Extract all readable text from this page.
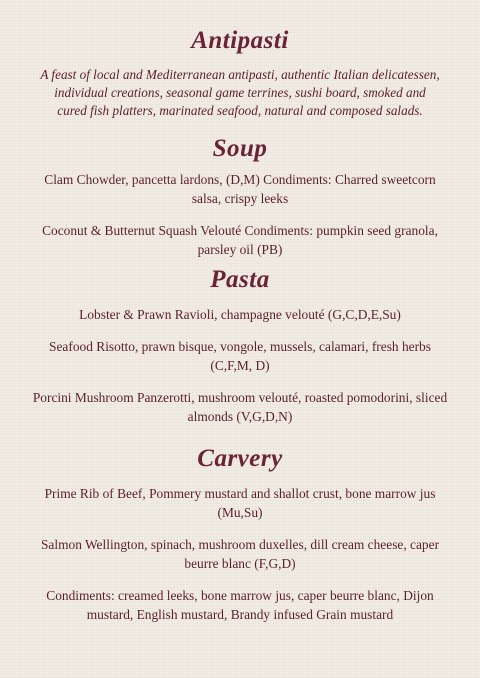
Antipasti

A feast of local and Mediterranean antipasti, authentic Italian delicatessen, individual creations, seasonal game terrines, sushi board, smoked and cured fish platters, marinated seafood, natural and composed salads.

Soup

Clam Chowder, pancetta lardons, (D,M) Condiments: Charred sweetcorn salsa, crispy leeks

Coconut & Butternut Squash Velouté Condiments: pumpkin seed granola, parsley oil (PB)

Pasta

Lobster & Prawn Ravioli, champagne velouté (G,C,D,E,Su)

Seafood Risotto, prawn bisque, vongole, mussels, calamari, fresh herbs (C,F,M, D)

Porcini Mushroom Panzerotti, mushroom velouté, roasted pomodorini, sliced almonds (V,G,D,N)

Carvery

Prime Rib of Beef, Pommery mustard and shallot crust, bone marrow jus (Mu,Su)

Salmon Wellington, spinach, mushroom duxelles, dill cream cheese, caper beurre blanc (F,G,D)

Condiments: creamed leeks, bone marrow jus, caper beurre blanc, Dijon mustard, English mustard, Brandy infused Grain mustard
